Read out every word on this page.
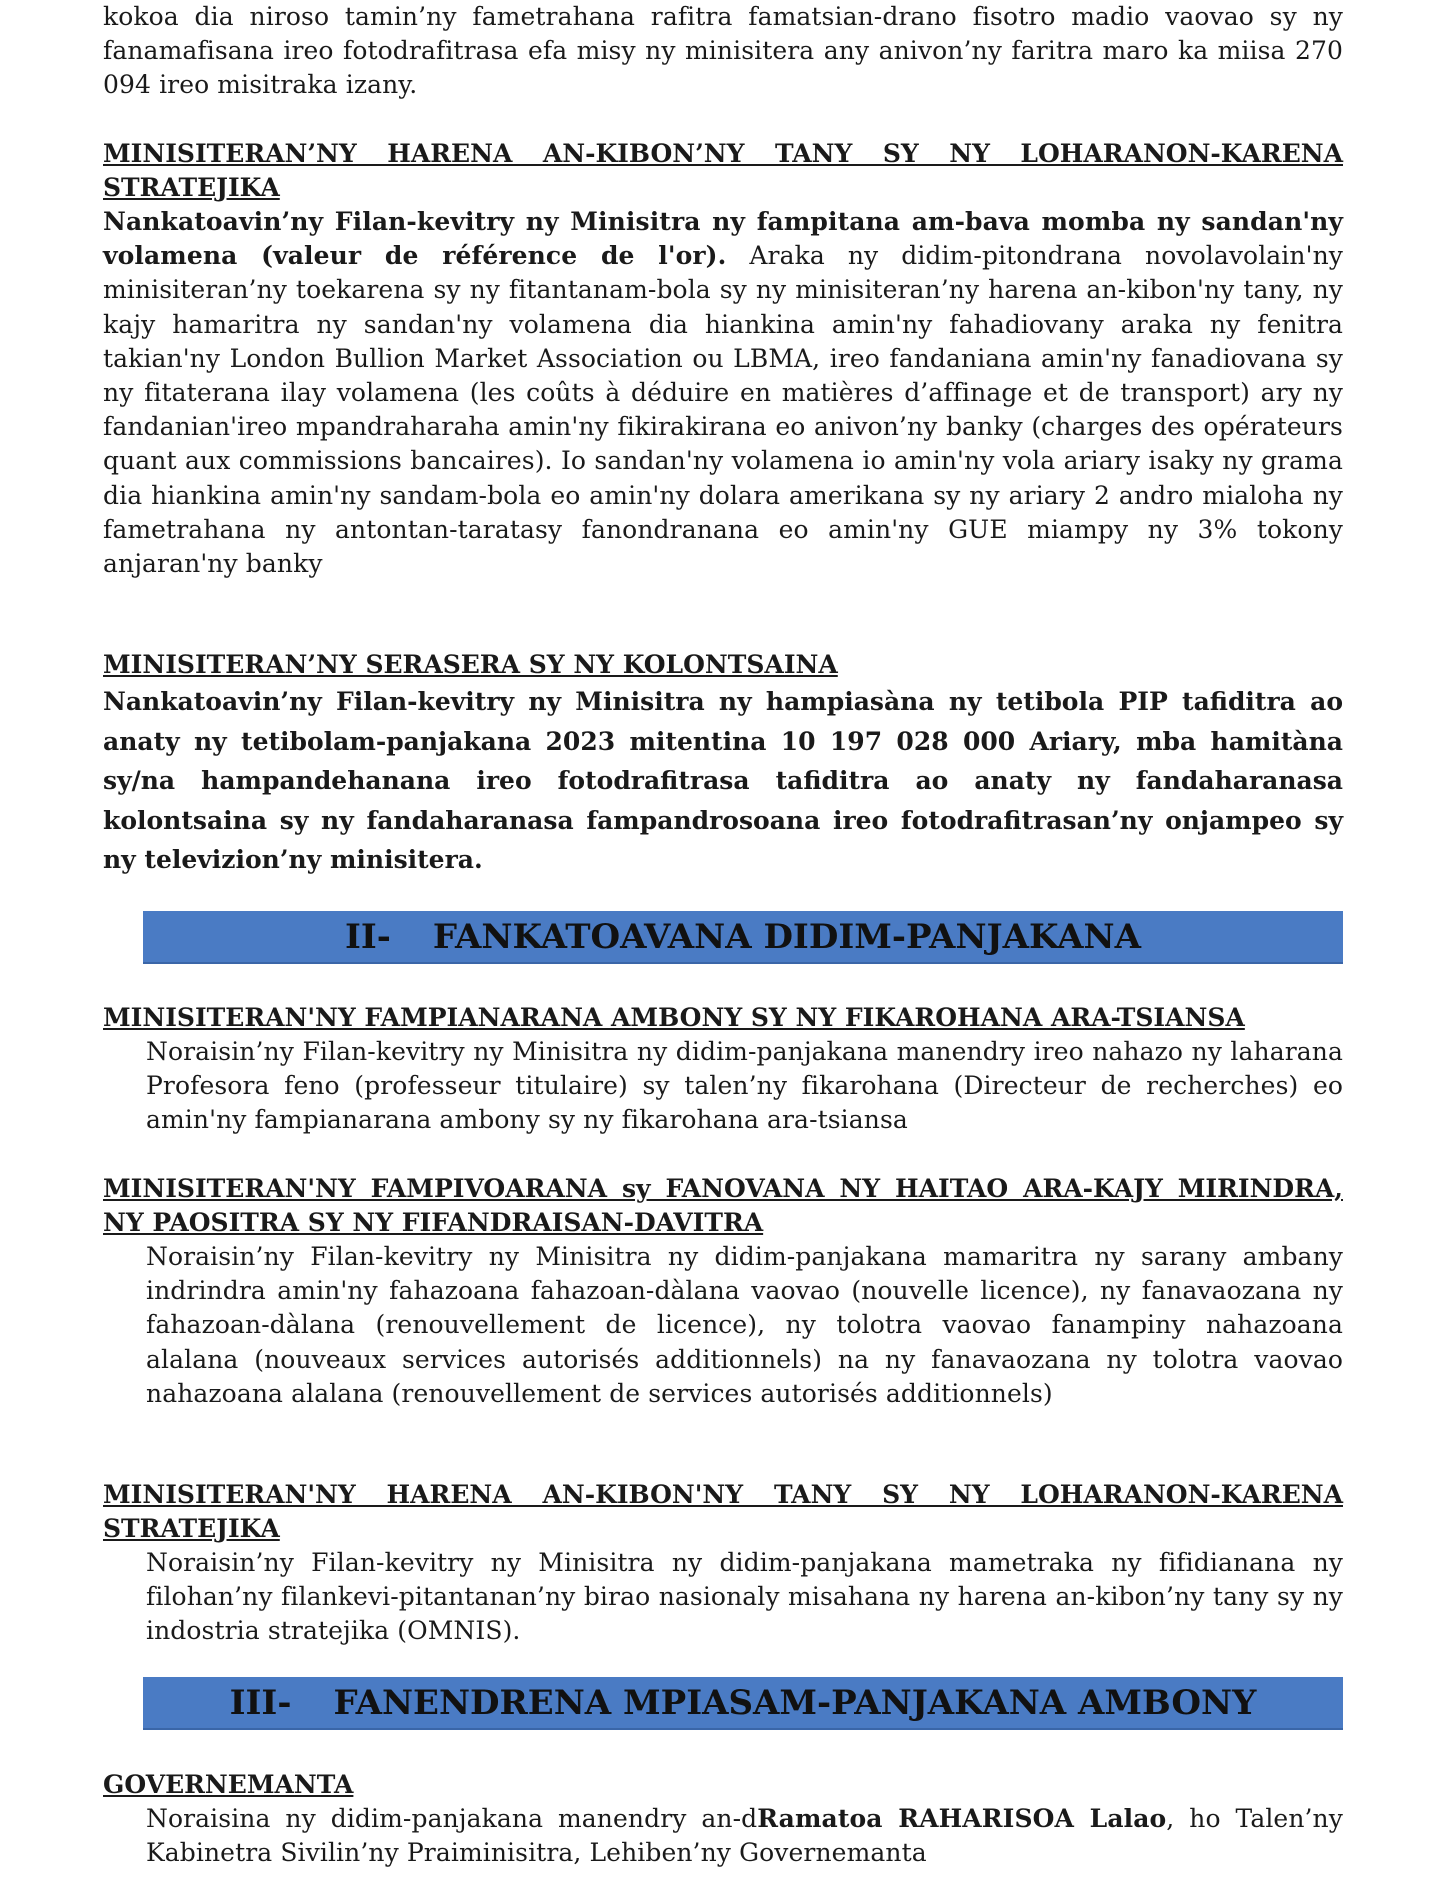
kokoa dia niroso tamin’ny fametrahana rafitra famatsian-drano fisotro madio vaovao sy ny fanamafisana ireo fotodrafitrasa efa misy ny minisitera any anivon’ny faritra maro ka miisa 270 094 ireo misitraka izany.

MINISITERAN’NY HARENA AN-KIBON’NY TANY SY NY LOHARANON-KARENA STRATEJIKA

Nankatoavin’ny Filan-kevitry ny Minisitra ny fampitana am-bava momba ny sandan'ny volamena (valeur de référence de l'or). Araka ny didim-pitondrana novolavolain'ny minisiteran’ny toekarena sy ny fitantanam-bola sy ny minisiteran’ny harena an-kibon'ny tany, ny kajy hamaritra ny sandan'ny volamena dia hiankina amin'ny fahadiovany araka ny fenitra takian'ny London Bullion Market Association ou LBMA, ireo fandaniana amin'ny fanadiovana sy ny fitaterana ilay volamena (les coûts à déduire en matières d’affinage et de transport) ary ny fandanian'ireo mpandraharaha amin'ny fikirakirana eo anivon’ny banky (charges des opérateurs quant aux commissions bancaires). Io sandan'ny volamena io amin'ny vola ariary isaky ny grama dia hiankina amin'ny sandam-bola eo amin'ny dolara amerikana sy ny ariary 2 andro mialoha ny fametrahana ny antontan-taratasy fanondranana eo amin'ny GUE miampy ny 3% tokony anjaran'ny banky

MINISITERAN’NY SERASERA SY NY KOLONTSAINA

Nankatoavin’ny Filan-kevitry ny Minisitra ny hampiasàna ny tetibola PIP tafiditra ao anaty ny tetibolam-panjakana 2023 mitentina 10 197 028 000 Ariary, mba hamitàna sy/na hampandehanana ireo fotodrafitrasa tafiditra ao anaty ny fandaharanasa kolontsaina sy ny fandaharanasa fampandrosoana ireo fotodrafitrasan’ny onjampeo sy ny televizion’ny minisitera.

II- FANKATOAVANA DIDIM-PANJAKANA

MINISITERAN'NY FAMPIANARANA AMBONY SY NY FIKAROHANA ARA-TSIANSA

Noraisin’ny Filan-kevitry ny Minisitra ny didim-panjakana manendry ireo nahazo ny laharana Profesora feno (professeur titulaire) sy talen’ny fikarohana (Directeur de recherches) eo amin'ny fampianarana ambony sy ny fikarohana ara-tsiansa

MINISITERAN'NY FAMPIVOARANA sy FANOVANA NY HAITAO ARA-KAJY MIRINDRA, NY PAOSITRA SY NY FIFANDRAISAN-DAVITRA

Noraisin’ny Filan-kevitry ny Minisitra ny didim-panjakana mamaritra ny sarany ambany indrindra amin'ny fahazoana fahazoan-dàlana vaovao (nouvelle licence), ny fanavaozana ny fahazoan-dàlana (renouvellement de licence), ny tolotra vaovao fanampiny nahazoana alalana (nouveaux services autorisés additionnels) na ny fanavaozana ny tolotra vaovao nahazoana alalana (renouvellement de services autorisés additionnels)

MINISITERAN'NY HARENA AN-KIBON'NY TANY SY NY LOHARANON-KARENA STRATEJIKA

Noraisin’ny Filan-kevitry ny Minisitra ny didim-panjakana mametraka ny fifidianana ny filohan’ny filankevi-pitantanan’ny birao nasionaly misahana ny harena an-kibon’ny tany sy ny indostria stratejika (OMNIS).

III- FANENDRENA MPIASAM-PANJAKANA AMBONY

GOVERNEMANTA

Noraisina ny didim-panjakana manendry an-dRamatoa RAHARISOA Lalao, ho Talen’ny Kabinetra Sivilin’ny Praiminisitra, Lehiben’ny Governemanta
